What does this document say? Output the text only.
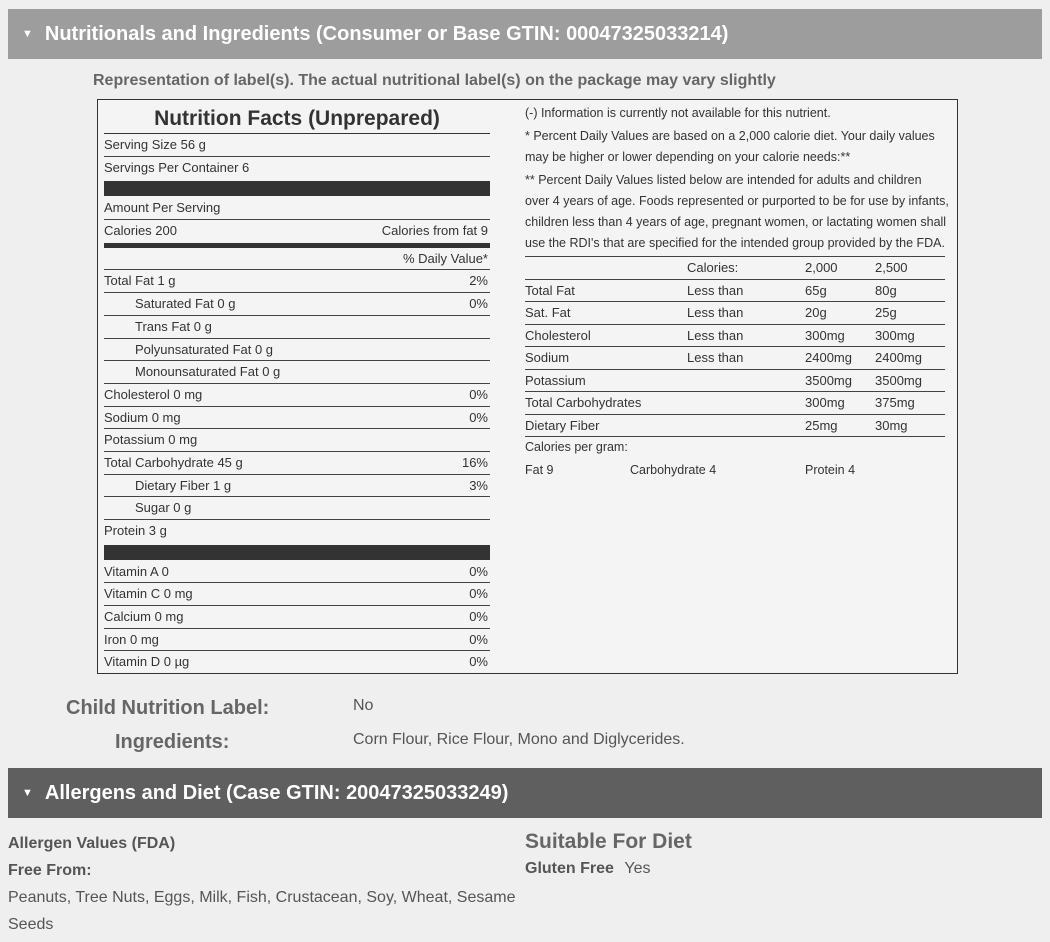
▼ Nutritionals and Ingredients (Consumer or Base GTIN: 00047325033214)
Representation of label(s). The actual nutritional label(s) on the package may vary slightly
Nutrition Facts (Unprepared)
Serving Size 56 g
Servings Per Container 6
Amount Per Serving
Calories 200	Calories from fat 9
% Daily Value*
Total Fat 1 g	2%
Saturated Fat 0 g	0%
Trans Fat 0 g
Polyunsaturated Fat 0 g
Monounsaturated Fat 0 g
Cholesterol 0 mg	0%
Sodium 0 mg	0%
Potassium 0 mg
Total Carbohydrate 45 g	16%
Dietary Fiber 1 g	3%
Sugar 0 g
Protein 3 g
Vitamin A 0	0%
Vitamin C 0 mg	0%
Calcium 0 mg	0%
Iron 0 mg	0%
Vitamin D 0 µg	0%

(-) Information is currently not available for this nutrient.

* Percent Daily Values are based on a 2,000 calorie diet. Your daily values may be higher or lower depending on your calorie needs:**

** Percent Daily Values listed below are intended for adults and children over 4 years of age. Foods represented or purported to be for use by infants, children less than 4 years of age, pregnant women, or lactating women shall use the RDI's that are specified for the intended group provided by the FDA.

	Calories:	2,000	2,500
Total Fat	Less than	65g	80g
Sat. Fat	Less than	20g	25g
Cholesterol	Less than	300mg	300mg
Sodium	Less than	2400mg	2400mg
Potassium		3500mg	3500mg
Total Carbohydrates		300mg	375mg
Dietary Fiber		25mg	30mg

Calories per gram:

Fat 9	Carbohydrate 4	Protein 4
Child Nutrition Label:	No
Ingredients:	Corn Flour, Rice Flour, Mono and Diglycerides.
▼ Allergens and Diet (Case GTIN: 20047325033249)
Allergen Values (FDA)
Free From:
Peanuts, Tree Nuts, Eggs, Milk, Fish, Crustacean, Soy, Wheat, Sesame Seeds
Suitable For Diet
Gluten Free Yes
